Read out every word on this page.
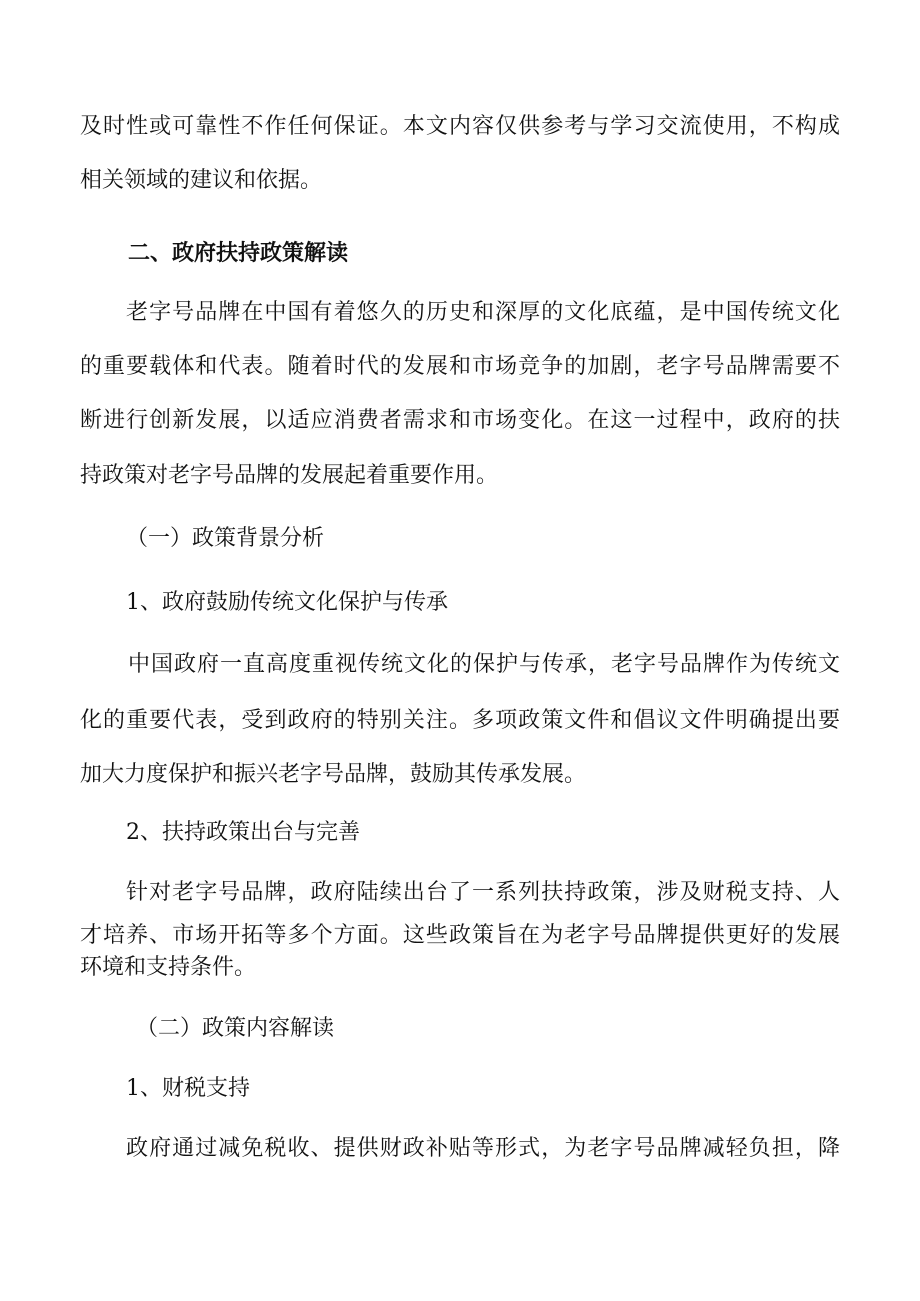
及时性或可靠性不作任何保证。本文内容仅供参考与学习交流使用，不构成
相关领域的建议和依据。
二、政府扶持政策解读
老字号品牌在中国有着悠久的历史和深厚的文化底蕴，是中国传统文化
的重要载体和代表。随着时代的发展和市场竞争的加剧，老字号品牌需要不
断进行创新发展，以适应消费者需求和市场变化。在这一过程中，政府的扶
持政策对老字号品牌的发展起着重要作用。
（一）政策背景分析
1、政府鼓励传统文化保护与传承
中国政府一直高度重视传统文化的保护与传承，老字号品牌作为传统文
化的重要代表，受到政府的特别关注。多项政策文件和倡议文件明确提出要
加大力度保护和振兴老字号品牌，鼓励其传承发展。
2、扶持政策出台与完善
针对老字号品牌，政府陆续出台了一系列扶持政策，涉及财税支持、人
才培养、市场开拓等多个方面。这些政策旨在为老字号品牌提供更好的发展
环境和支持条件。
（二）政策内容解读
1、财税支持
政府通过减免税收、提供财政补贴等形式，为老字号品牌减轻负担，降
